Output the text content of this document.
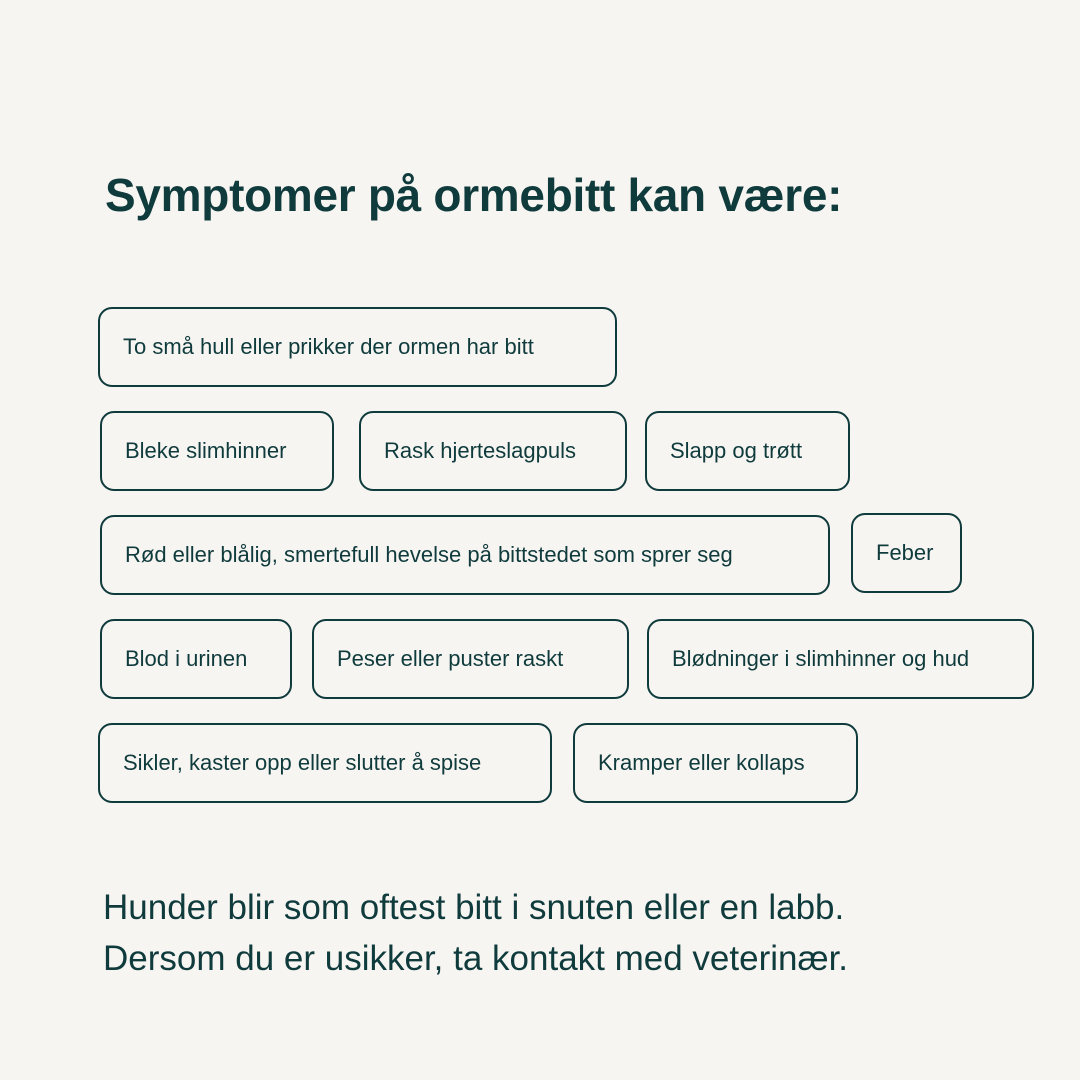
Symptomer på ormebitt kan være:
To små hull eller prikker der ormen har bitt
Bleke slimhinner	Rask hjerteslagpuls	Slapp og trøtt
Rød eller blålig, smertefull hevelse på bittstedet som sprer seg	Feber
Blod i urinen	Peser eller puster raskt	Blødninger i slimhinner og hud
Sikler, kaster opp eller slutter å spise	Kramper eller kollaps

Hunder blir som oftest bitt i snuten eller en labb.
Dersom du er usikker, ta kontakt med veterinær.
